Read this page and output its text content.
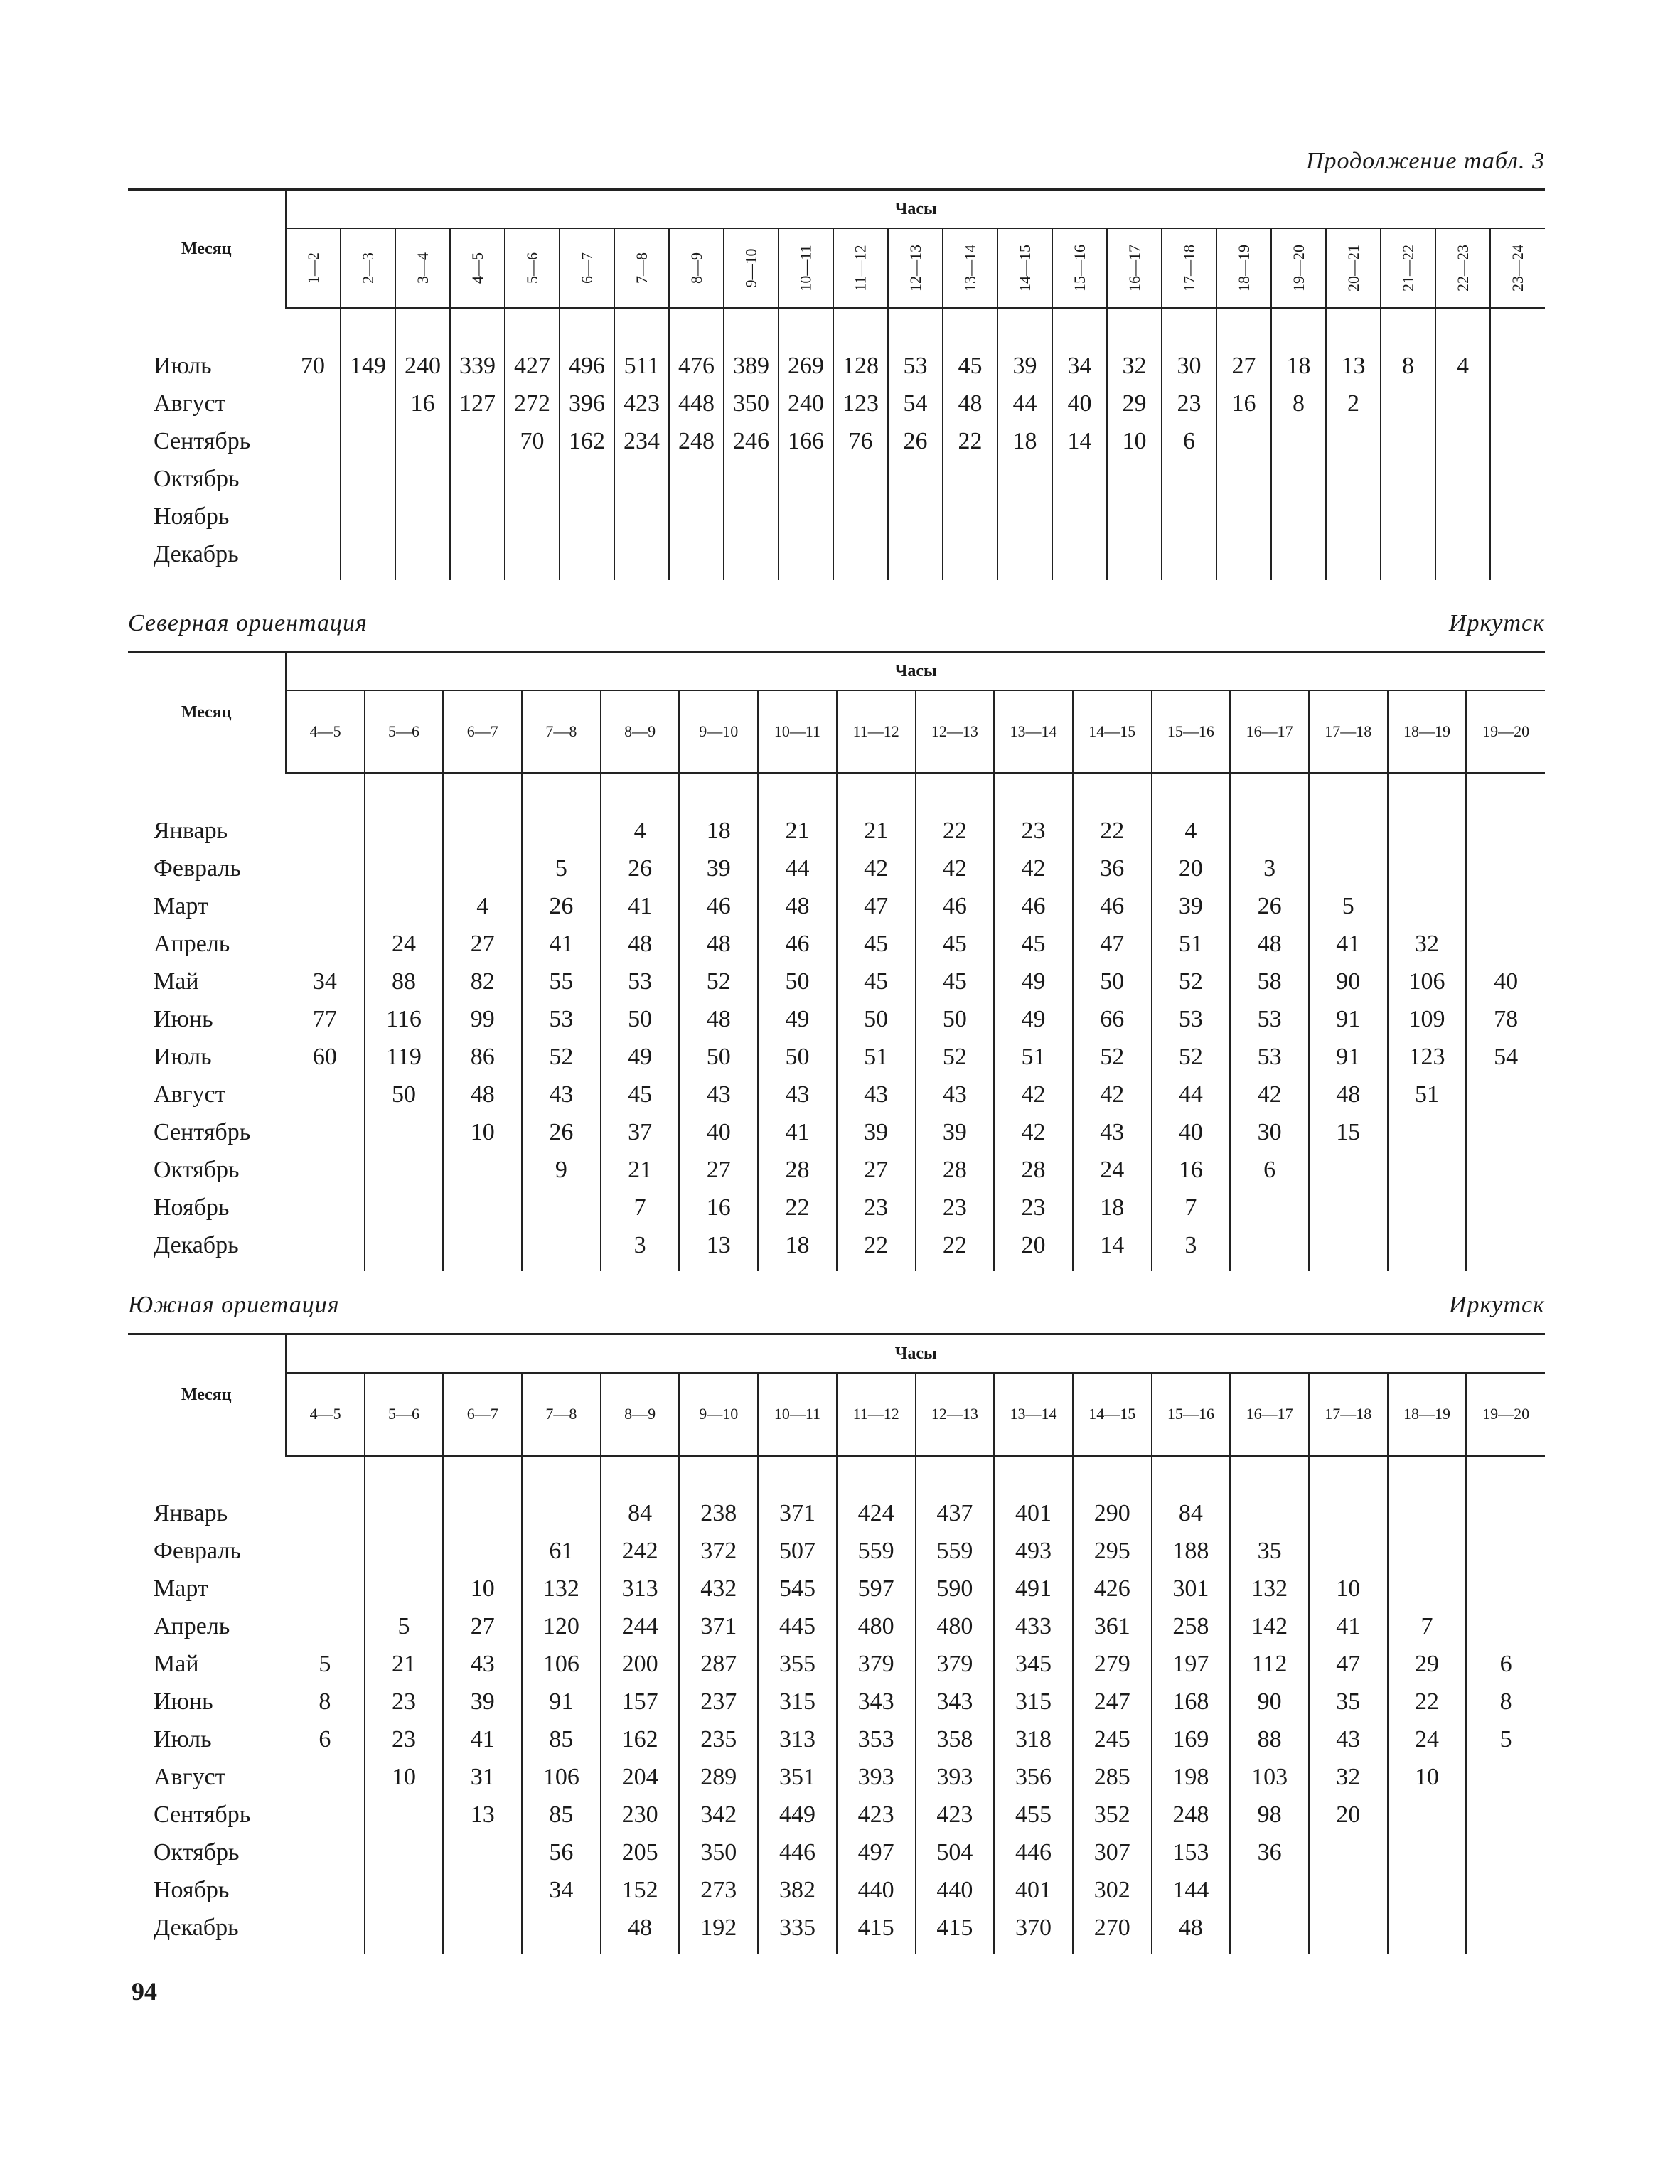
Продолжение табл. 3
Месяц	Часы																						
	1—2	2—3	3—4	4—5	5—6	6—7	7—8	8—9	9—10	10—11	11—12	12—13	13—14	14—15	15—16	16—17	17—18	18—19	19—20	20—21	21—22	22—23	23—24

Июль	70	149	240	339	427	496	511	476	389	269	128	53	45	39	34	32	30	27	18	13	8	4	
Август			16	127	272	396	423	448	350	240	123	54	48	44	40	29	23	16	8	2			
Сентябрь					70	162	234	248	246	166	76	26	22	18	14	10	6						
Октябрь																							
Ноябрь																							
Декабрь																							

Северная ориентация	Иркутск
Месяц	Часы															
	4—5	5—6	6—7	7—8	8—9	9—10	10—11	11—12	12—13	13—14	14—15	15—16	16—17	17—18	18—19	19—20

Январь					4	18	21	21	22	23	22	4				
Февраль				5	26	39	44	42	42	42	36	20	3			
Март			4	26	41	46	48	47	46	46	46	39	26	5		
Апрель		24	27	41	48	48	46	45	45	45	47	51	48	41	32	
Май	34	88	82	55	53	52	50	45	45	49	50	52	58	90	106	40
Июнь	77	116	99	53	50	48	49	50	50	49	66	53	53	91	109	78
Июль	60	119	86	52	49	50	50	51	52	51	52	52	53	91	123	54
Август		50	48	43	45	43	43	43	43	42	42	44	42	48	51	
Сентябрь			10	26	37	40	41	39	39	42	43	40	30	15		
Октябрь				9	21	27	28	27	28	28	24	16	6			
Ноябрь					7	16	22	23	23	23	18	7				
Декабрь					3	13	18	22	22	20	14	3				

Южная ориетация	Иркутск
Месяц	Часы															
	4—5	5—6	6—7	7—8	8—9	9—10	10—11	11—12	12—13	13—14	14—15	15—16	16—17	17—18	18—19	19—20

Январь					84	238	371	424	437	401	290	84				
Февраль				61	242	372	507	559	559	493	295	188	35			
Март			10	132	313	432	545	597	590	491	426	301	132	10		
Апрель		5	27	120	244	371	445	480	480	433	361	258	142	41	7	
Май	5	21	43	106	200	287	355	379	379	345	279	197	112	47	29	6
Июнь	8	23	39	91	157	237	315	343	343	315	247	168	90	35	22	8
Июль	6	23	41	85	162	235	313	353	358	318	245	169	88	43	24	5
Август		10	31	106	204	289	351	393	393	356	285	198	103	32	10	
Сентябрь			13	85	230	342	449	423	423	455	352	248	98	20		
Октябрь				56	205	350	446	497	504	446	307	153	36			
Ноябрь				34	152	273	382	440	440	401	302	144				
Декабрь					48	192	335	415	415	370	270	48				

94
